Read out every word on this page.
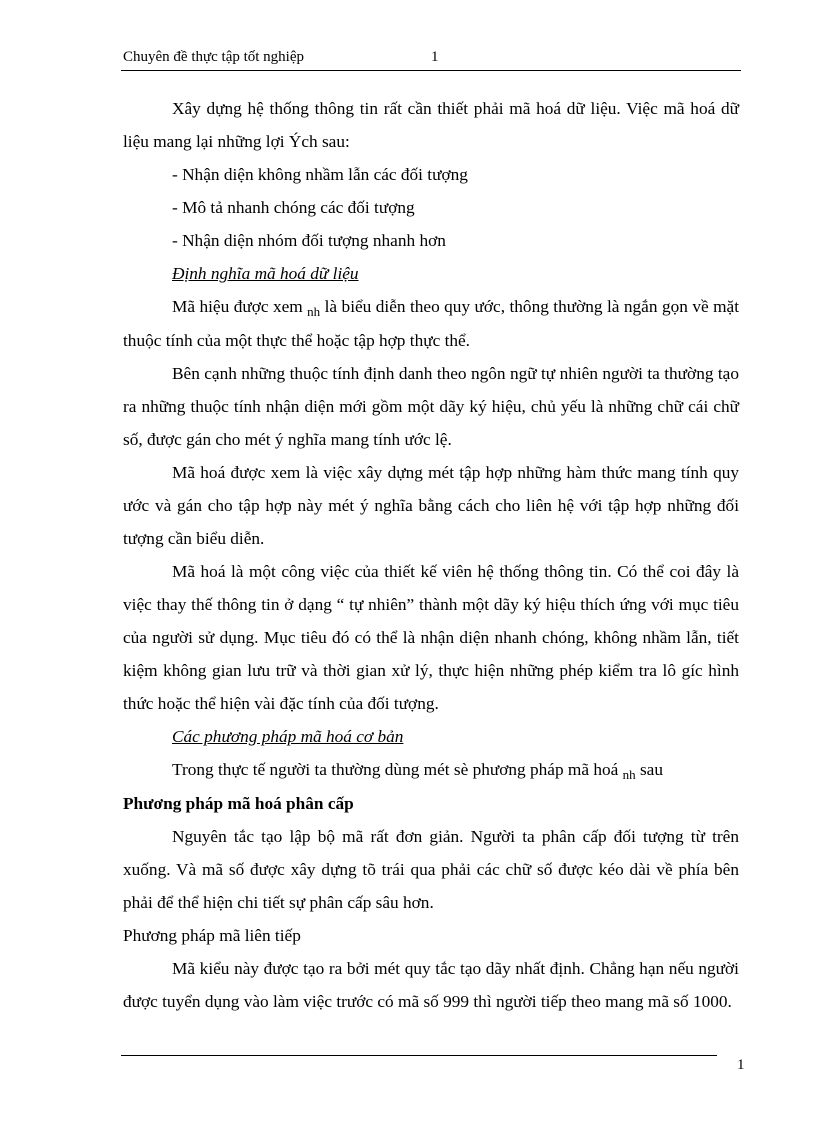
Chuyên đề thực tập tốt nghiệp	1

Xây dựng hệ thống thông tin rất cần thiết phải mã hoá dữ liệu. Việc mã hoá dữ liệu mang lại những lợi Ých sau:

- Nhận diện không nhầm lẫn các đối tượng

- Mô tả nhanh chóng các đối tượng

- Nhận diện nhóm đối tượng nhanh hơn

Định nghĩa mã hoá dữ liệu

Mã hiệu được xem $_{nh}$ là biểu diễn theo quy ước, thông thường là ngắn gọn về mặt thuộc tính của một thực thể hoặc tập hợp thực thể.

Bên cạnh những thuộc tính định danh theo ngôn ngữ tự nhiên người ta thường tạo ra những thuộc tính nhận diện mới gồm một dãy ký hiệu, chủ yếu là những chữ cái chữ số, được gán cho mét ý nghĩa mang tính ước lệ.

Mã hoá được xem là việc xây dựng mét tập hợp những hàm thức mang tính quy ước và gán cho tập hợp này mét ý nghĩa bằng cách cho liên hệ với tập hợp những đối tượng cần biểu diễn.

Mã hoá là một công việc của thiết kế viên hệ thống thông tin. Có thể coi đây là việc thay thế thông tin ở dạng “ tự nhiên” thành một dãy ký hiệu thích ứng với mục tiêu của người sử dụng. Mục tiêu đó có thể là nhận diện nhanh chóng, không nhầm lẫn, tiết kiệm không gian lưu trữ và thời gian xử lý, thực hiện những phép kiểm tra lô gíc hình thức hoặc thể hiện vài đặc tính của đối tượng.

Các phương pháp mã hoá cơ bản

Trong thực tế người ta thường dùng mét sè phương pháp mã hoá $_{nh}$ sau

Phương pháp mã hoá phân cấp

Nguyên tắc tạo lập bộ mã rất đơn giản. Người ta phân cấp đối tượng từ trên xuống. Và mã số được xây dựng tõ trái qua phải các chữ số được kéo dài về phía bên phải để thể hiện chi tiết sự phân cấp sâu hơn.

Phương pháp mã liên tiếp

Mã kiểu này được tạo ra bởi mét quy tắc tạo dãy nhất định. Chẳng hạn nếu người được tuyển dụng vào làm việc trước có mã số 999 thì người tiếp theo mang mã số 1000.

1
